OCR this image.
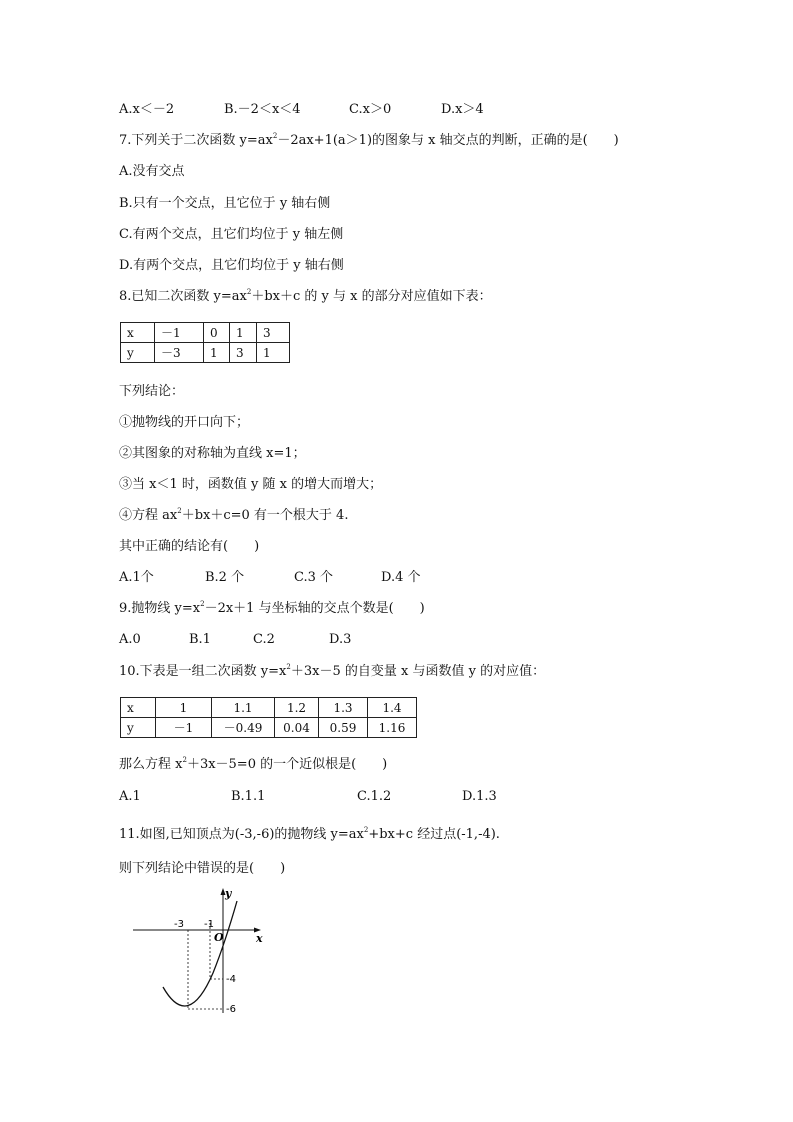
A.x＜－2	B.－2＜x＜4	C.x＞0	D.x＞4
7.下列关于二次函数 $y=ax^2-2ax+1(a>1)$的图象与 x 轴交点的判断，正确的是(　　)
A.没有交点
B.只有一个交点，且它位于 y 轴右侧
C.有两个交点，且它们均位于 y 轴左侧
D.有两个交点，且它们均位于 y 轴右侧
8.已知二次函数 $y=ax^2+bx+c$ 的 y 与 x 的部分对应值如下表：
x	－1	0	1	3
y	－3	1	3	1
下列结论：
①抛物线的开口向下；
②其图象的对称轴为直线 x=1；
③当 x＜1 时，函数值 y 随 x 的增大而增大；
④方程 $ax^2+bx+c=0$ 有一个根大于 4.
其中正确的结论有(　　)
A.1个	B.2 个	C.3 个	D.4 个
9.抛物线 $y=x^2-2x+1$ 与坐标轴的交点个数是(　　)
A.0	B.1	C.2	D.3
10.下表是一组二次函数 $y=x^2+3x-5$ 的自变量 x 与函数值 y 的对应值：
x	1	1.1	1.2	1.3	1.4
y	－1	－0.49	0.04	0.59	1.16
那么方程 $x^2+3x-5=0$ 的一个近似根是(　　)
A.1	B.1.1	C.1.2	D.1.3
11.如图,已知顶点为(-3,-6)的抛物线 $y=ax^2+bx+c$ 经过点(-1,-4).
则下列结论中错误的是(　　)
y
x
O
-3 -1
-4
-6
